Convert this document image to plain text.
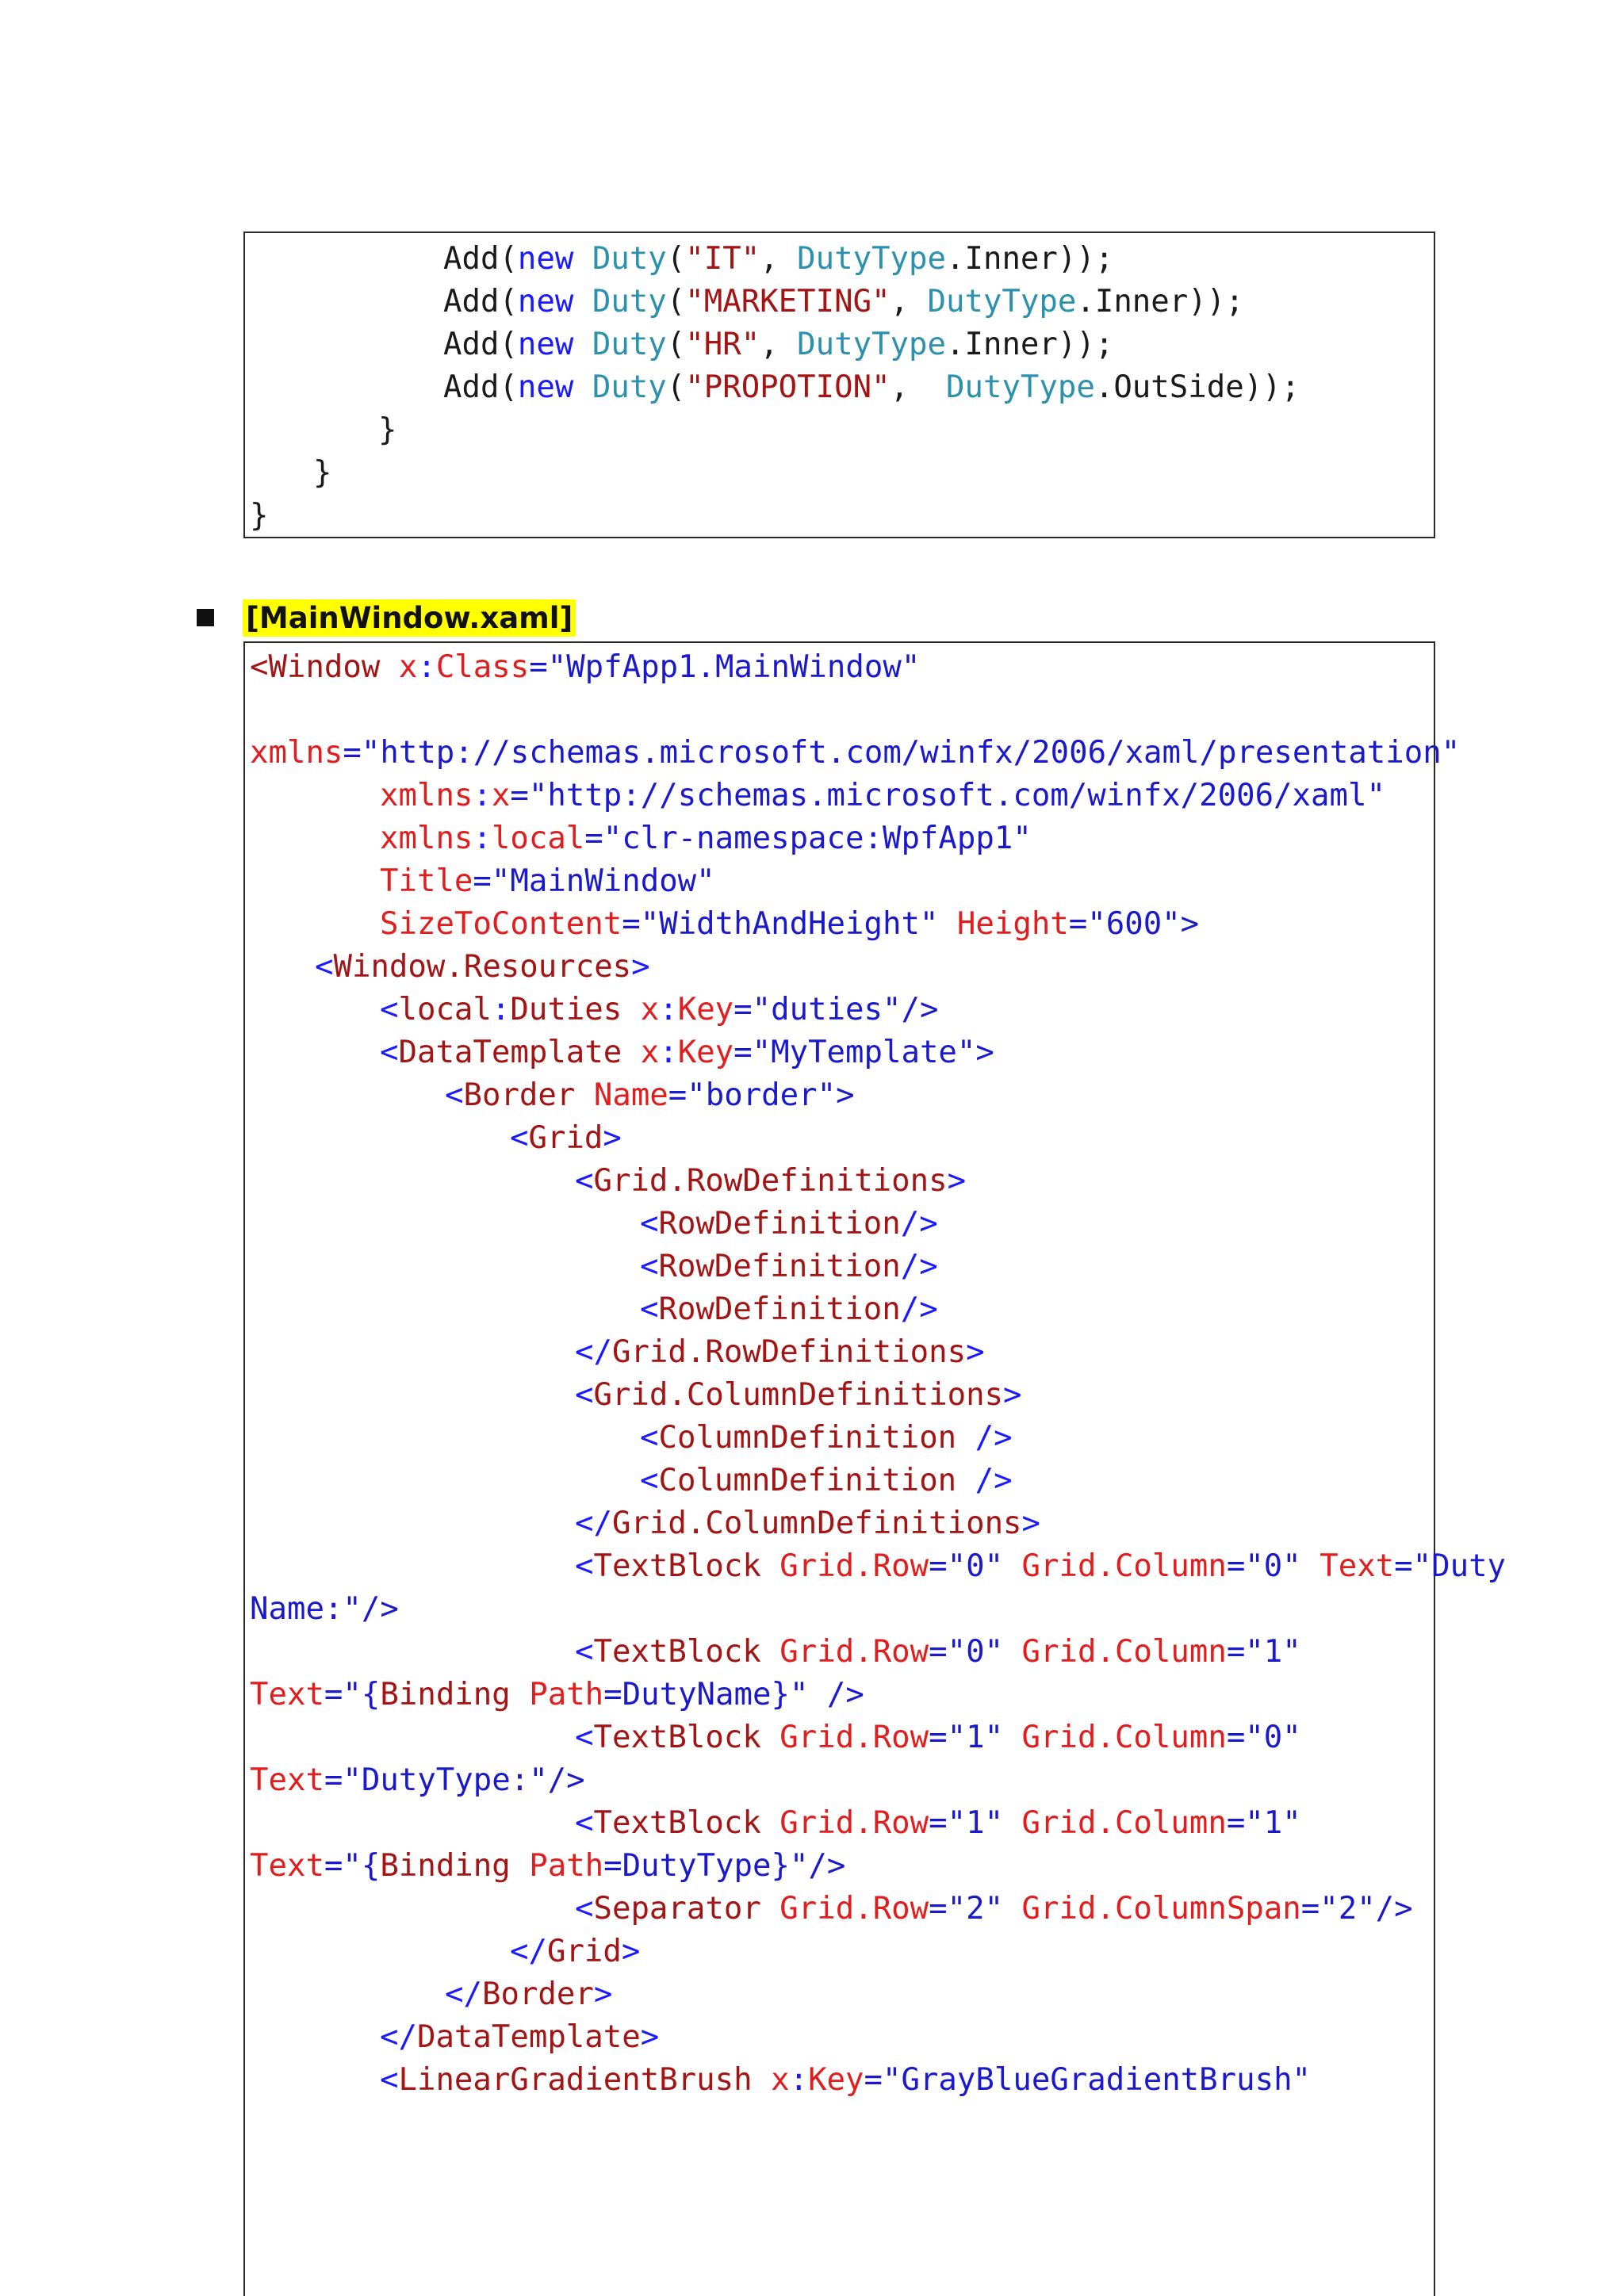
Add(new Duty("IT", DutyType.Inner));
Add(new Duty("MARKETING", DutyType.Inner));
Add(new Duty("HR", DutyType.Inner));
Add(new Duty("PROPOTION",  DutyType.OutSide));
}
}
}
[MainWindow.xaml]
<Window x:Class="WpfApp1.MainWindow"
xmlns="http://schemas.microsoft.com/winfx/2006/xaml/presentation"
xmlns:x="http://schemas.microsoft.com/winfx/2006/xaml"
xmlns:local="clr-namespace:WpfApp1"
Title="MainWindow"
SizeToContent="WidthAndHeight" Height="600">
<Window.Resources>
<local:Duties x:Key="duties"/>
<DataTemplate x:Key="MyTemplate">
<Border Name="border">
<Grid>
<Grid.RowDefinitions>
<RowDefinition/>
<RowDefinition/>
<RowDefinition/>
</Grid.RowDefinitions>
<Grid.ColumnDefinitions>
<ColumnDefinition />
<ColumnDefinition />
</Grid.ColumnDefinitions>
<TextBlock Grid.Row="0" Grid.Column="0" Text="Duty
Name:"/>
<TextBlock Grid.Row="0" Grid.Column="1"
Text="{Binding Path=DutyName}" />
<TextBlock Grid.Row="1" Grid.Column="0"
Text="DutyType:"/>
<TextBlock Grid.Row="1" Grid.Column="1"
Text="{Binding Path=DutyType}"/>
<Separator Grid.Row="2" Grid.ColumnSpan="2"/>
</Grid>
</Border>
</DataTemplate>
<LinearGradientBrush x:Key="GrayBlueGradientBrush"
